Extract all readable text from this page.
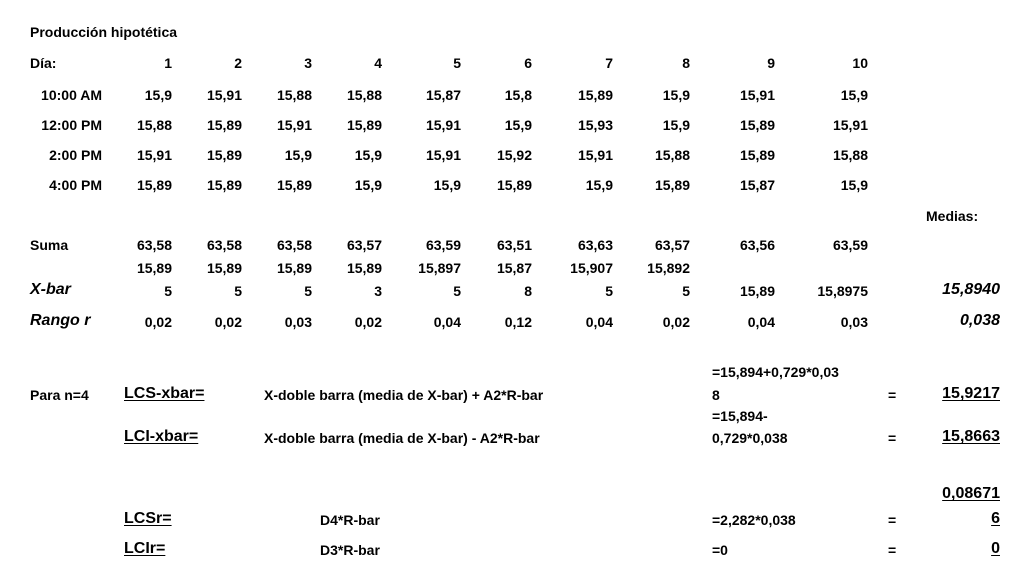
Producción hipotética
Día:	1	2	3	4	5	6	7	8	9	10
10:00 AM	15,9	15,91	15,88	15,88	15,87	15,8	15,89	15,9	15,91	15,9
12:00 PM	15,88	15,89	15,91	15,89	15,91	15,9	15,93	15,9	15,89	15,91
2:00 PM	15,91	15,89	15,9	15,9	15,91	15,92	15,91	15,88	15,89	15,88
4:00 PM	15,89	15,89	15,89	15,9	15,9	15,89	15,9	15,89	15,87	15,9
Medias:
Suma	63,58	63,58	63,58	63,57	63,59	63,51	63,63	63,57	63,56	63,59
15,89	15,89	15,89	15,89	15,897	15,87	15,907	15,892
X-bar	5	5	5	3	5	8	5	5	15,89	15,8975	15,8940
Rango r	0,02	0,02	0,03	0,02	0,04	0,12	0,04	0,02	0,04	0,03	0,038
Para n=4 LCS-xbar=	X-doble barra (media de X-bar) + A2*R-bar
=15,894+0,729*0,03
8	=	15,9217
LCI-xbar=	X-doble barra (media de X-bar) - A2*R-bar
=15,894-
0,729*0,038	=	15,8663
0,08671
LCSr=	D4*R-bar	=2,282*0,038	=	6
LCIr=	D3*R-bar	=0	=	0
